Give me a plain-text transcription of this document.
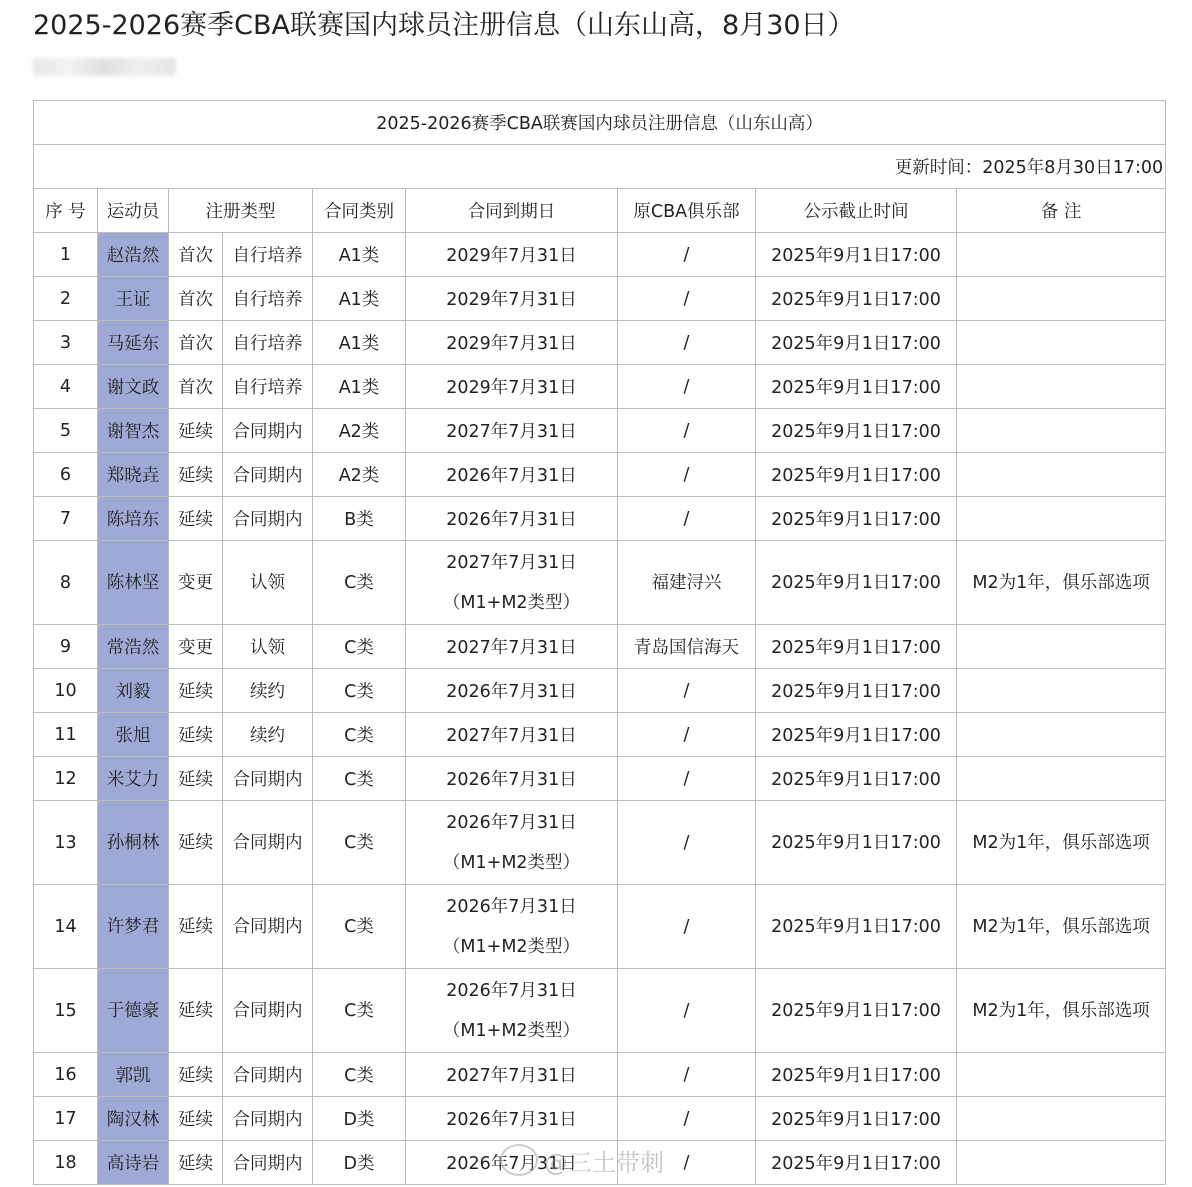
2025-2026赛季CBA联赛国内球员注册信息（山东山高，8月30日）
2025-2026赛季CBA联赛国内球员注册信息（山东山高）								
更新时间：2025年8月30日17:00								
序 号	运动员	注册类型		合同类别	合同到期日	原CBA俱乐部	公示截止时间	备 注
1	赵浩然	首次	自行培养	A1类	2029年7月31日	/	2025年9月1日17:00	
2	王证	首次	自行培养	A1类	2029年7月31日	/	2025年9月1日17:00	
3	马延东	首次	自行培养	A1类	2029年7月31日	/	2025年9月1日17:00	
4	谢文政	首次	自行培养	A1类	2029年7月31日	/	2025年9月1日17:00	
5	谢智杰	延续	合同期内	A2类	2027年7月31日	/	2025年9月1日17:00	
6	郑晓垚	延续	合同期内	A2类	2026年7月31日	/	2025年9月1日17:00	
7	陈培东	延续	合同期内	B类	2026年7月31日	/	2025年9月1日17:00	
8	陈林坚	变更	认领	C类	2027年7月31日
（M1+M2类型）	福建浔兴	2025年9月1日17:00	M2为1年，俱乐部选项
9	常浩然	变更	认领	C类	2027年7月31日	青岛国信海天	2025年9月1日17:00	
10	刘毅	延续	续约	C类	2026年7月31日	/	2025年9月1日17:00	
11	张旭	延续	续约	C类	2027年7月31日	/	2025年9月1日17:00	
12	米艾力	延续	合同期内	C类	2026年7月31日	/	2025年9月1日17:00	
13	孙桐林	延续	合同期内	C类	2026年7月31日
（M1+M2类型）	/	2025年9月1日17:00	M2为1年，俱乐部选项
14	许梦君	延续	合同期内	C类	2026年7月31日
（M1+M2类型）	/	2025年9月1日17:00	M2为1年，俱乐部选项
15	于德豪	延续	合同期内	C类	2026年7月31日
（M1+M2类型）	/	2025年9月1日17:00	M2为1年，俱乐部选项
16	郭凯	延续	合同期内	C类	2027年7月31日	/	2025年9月1日17:00	
17	陶汉林	延续	合同期内	D类	2026年7月31日	/	2025年9月1日17:00	
18	高诗岩	延续	合同期内	D类	2026年7月31日	/	2025年9月1日17:00	
@三土带刺
